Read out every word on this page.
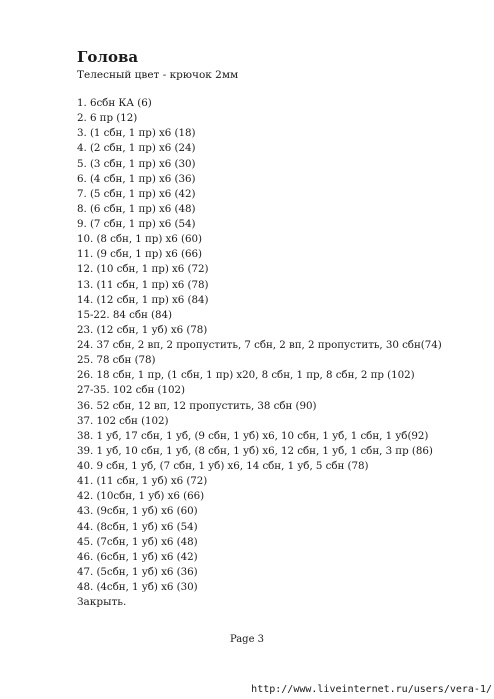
Голова
Телесный цвет - крючок 2мм
1. 6сбн КА (6)
2. 6 пр (12)
3. (1 сбн, 1 пр) х6 (18)
4. (2 сбн, 1 пр) х6 (24)
5. (3 сбн, 1 пр) х6 (30)
6. (4 сбн, 1 пр) х6 (36)
7. (5 сбн, 1 пр) х6 (42)
8. (6 сбн, 1 пр) х6 (48)
9. (7 сбн, 1 пр) х6 (54)
10. (8 сбн, 1 пр) х6 (60)
11. (9 сбн, 1 пр) х6 (66)
12. (10 сбн, 1 пр) х6 (72)
13. (11 сбн, 1 пр) х6 (78)
14. (12 сбн, 1 пр) х6 (84)
15-22. 84 сбн (84)
23. (12 сбн, 1 уб) х6 (78)
24. 37 сбн, 2 вп, 2 пропустить, 7 сбн, 2 вп, 2 пропустить, 30 сбн(74)
25. 78 сбн (78)
26. 18 сбн, 1 пр, (1 сбн, 1 пр) х20, 8 сбн, 1 пр, 8 сбн, 2 пр (102)
27-35. 102 сбн (102)
36. 52 сбн, 12 вп, 12 пропустить, 38 сбн (90)
37. 102 сбн (102)
38. 1 уб, 17 сбн, 1 уб, (9 сбн, 1 уб) х6, 10 сбн, 1 уб, 1 сбн, 1 уб(92)
39. 1 уб, 10 сбн, 1 уб, (8 сбн, 1 уб) х6, 12 сбн, 1 уб, 1 сбн, 3 пр (86)
40. 9 сбн, 1 уб, (7 сбн, 1 уб) х6, 14 сбн, 1 уб, 5 сбн (78)
41. (11 сбн, 1 уб) х6 (72)
42. (10сбн, 1 уб) х6 (66)
43. (9сбн, 1 уб) х6 (60)
44. (8сбн, 1 уб) х6 (54)
45. (7сбн, 1 уб) х6 (48)
46. (6сбн, 1 уб) х6 (42)
47. (5сбн, 1 уб) х6 (36)
48. (4сбн, 1 уб) х6 (30)
Закрыть.
Page 3
http://www.liveinternet.ru/users/vera-1/
